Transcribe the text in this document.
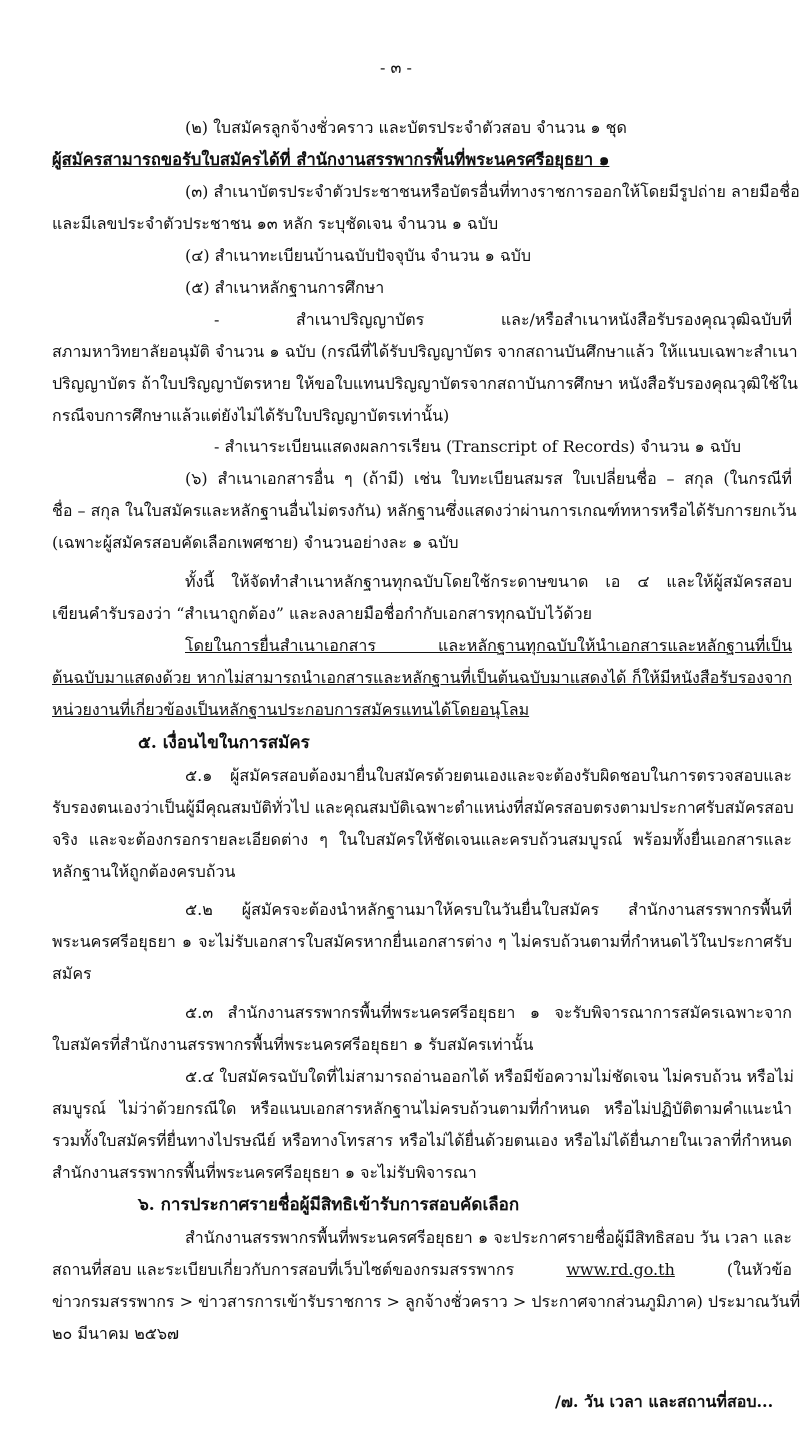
- ๓ -
(๒) ใบสมัครลูกจ้างชั่วคราว และบัตรประจำตัวสอบ จำนวน ๑ ชุด
ผู้สมัครสามารถขอรับใบสมัครได้ที่ สำนักงานสรรพากรพื้นที่พระนครศรีอยุธยา ๑
(๓) สำเนาบัตรประจำตัวประชาชนหรือบัตรอื่นที่ทางราชการออกให้โดยมีรูปถ่าย ลายมือชื่อ
และมีเลขประจำตัวประชาชน ๑๓ หลัก ระบุชัดเจน จำนวน ๑ ฉบับ
(๔) สำเนาทะเบียนบ้านฉบับปัจจุบัน จำนวน ๑ ฉบับ
(๕) สำเนาหลักฐานการศึกษา
- สำเนาปริญญาบัตร และ/หรือสำเนาหนังสือรับรองคุณวุฒิฉบับที่
สภามหาวิทยาลัยอนุมัติ จำนวน ๑ ฉบับ (กรณีที่ได้รับปริญญาบัตร จากสถานบันศึกษาแล้ว ให้แนบเฉพาะสำเนา
ปริญญาบัตร ถ้าใบปริญญาบัตรหาย ให้ขอใบแทนปริญญาบัตรจากสถาบันการศึกษา หนังสือรับรองคุณวุฒิใช้ใน
กรณีจบการศึกษาแล้วแต่ยังไม่ได้รับใบปริญญาบัตรเท่านั้น)
- สำเนาระเบียนแสดงผลการเรียน (Transcript of Records) จำนวน ๑ ฉบับ
(๖) สำเนาเอกสารอื่น ๆ (ถ้ามี) เช่น ใบทะเบียนสมรส ใบเปลี่ยนชื่อ – สกุล (ในกรณีที่
ชื่อ – สกุล ในใบสมัครและหลักฐานอื่นไม่ตรงกัน) หลักฐานซึ่งแสดงว่าผ่านการเกณฑ์ทหารหรือได้รับการยกเว้น
(เฉพาะผู้สมัครสอบคัดเลือกเพศชาย) จำนวนอย่างละ ๑ ฉบับ
ทั้งนี้ ให้จัดทำสำเนาหลักฐานทุกฉบับโดยใช้กระดาษขนาด เอ ๔ และให้ผู้สมัครสอบ
เขียนคำรับรองว่า “สำเนาถูกต้อง” และลงลายมือชื่อกำกับเอกสารทุกฉบับไว้ด้วย
โดยในการยื่นสำเนาเอกสาร และหลักฐานทุกฉบับให้นำเอกสารและหลักฐานที่เป็น
ต้นฉบับมาแสดงด้วย หากไม่สามารถนำเอกสารและหลักฐานที่เป็นต้นฉบับมาแสดงได้ ก็ให้มีหนังสือรับรองจาก
หน่วยงานที่เกี่ยวข้องเป็นหลักฐานประกอบการสมัครแทนได้โดยอนุโลม
๕. เงื่อนไขในการสมัคร
๕.๑ ผู้สมัครสอบต้องมายื่นใบสมัครด้วยตนเองและจะต้องรับผิดชอบในการตรวจสอบและ
รับรองตนเองว่าเป็นผู้มีคุณสมบัติทั่วไป และคุณสมบัติเฉพาะตำแหน่งที่สมัครสอบตรงตามประกาศรับสมัครสอบ
จริง และจะต้องกรอกรายละเอียดต่าง ๆ ในใบสมัครให้ชัดเจนและครบถ้วนสมบูรณ์ พร้อมทั้งยื่นเอกสารและ
หลักฐานให้ถูกต้องครบถ้วน
๕.๒ ผู้สมัครจะต้องนำหลักฐานมาให้ครบในวันยื่นใบสมัคร สำนักงานสรรพากรพื้นที่
พระนครศรีอยุธยา ๑ จะไม่รับเอกสารใบสมัครหากยื่นเอกสารต่าง ๆ ไม่ครบถ้วนตามที่กำหนดไว้ในประกาศรับ
สมัคร
๕.๓ สำนักงานสรรพากรพื้นที่พระนครศรีอยุธยา ๑ จะรับพิจารณาการสมัครเฉพาะจาก
ใบสมัครที่สำนักงานสรรพากรพื้นที่พระนครศรีอยุธยา ๑ รับสมัครเท่านั้น
๕.๔ ใบสมัครฉบับใดที่ไม่สามารถอ่านออกได้ หรือมีข้อความไม่ชัดเจน ไม่ครบถ้วน หรือไม่
สมบูรณ์ ไม่ว่าด้วยกรณีใด หรือแนบเอกสารหลักฐานไม่ครบถ้วนตามที่กำหนด หรือไม่ปฏิบัติตามคำแนะนำ
รวมทั้งใบสมัครที่ยื่นทางไปรษณีย์ หรือทางโทรสาร หรือไม่ได้ยื่นด้วยตนเอง หรือไม่ได้ยื่นภายในเวลาที่กำหนด
สำนักงานสรรพากรพื้นที่พระนครศรีอยุธยา ๑ จะไม่รับพิจารณา
๖. การประกาศรายชื่อผู้มีสิทธิเข้ารับการสอบคัดเลือก
สำนักงานสรรพากรพื้นที่พระนครศรีอยุธยา ๑ จะประกาศรายชื่อผู้มีสิทธิสอบ วัน เวลา และ
สถานที่สอบ และระเบียบเกี่ยวกับการสอบที่เว็บไซต์ของกรมสรรพากร	www.rd.go.th	(ในหัวข้อ
ข่าวกรมสรรพากร > ข่าวสารการเข้ารับราชการ > ลูกจ้างชั่วคราว > ประกาศจากส่วนภูมิภาค) ประมาณวันที่
๒๐ มีนาคม ๒๕๖๗
/๗. วัน เวลา และสถานที่สอบ...
